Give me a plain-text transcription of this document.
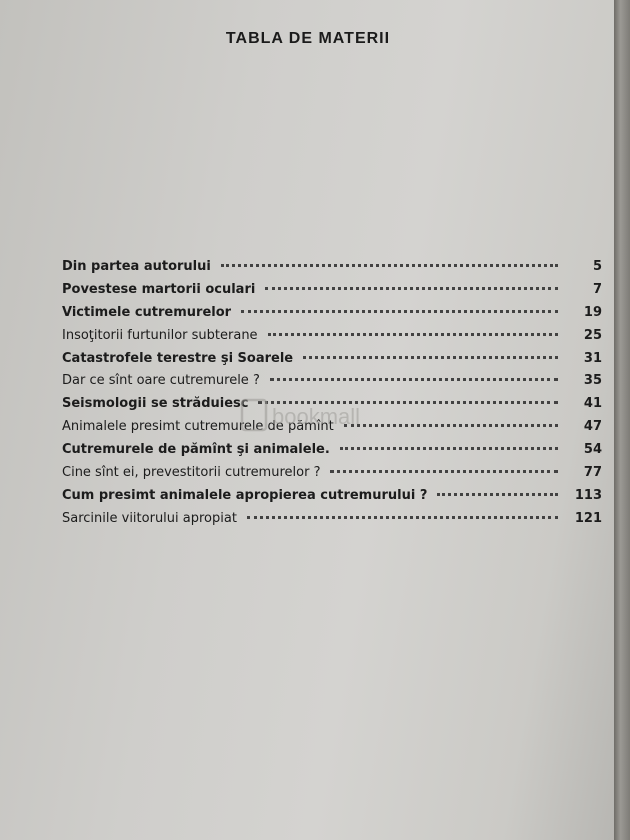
TABLA DE MATERII
Din partea autorului	5
Povestese martorii oculari	7
Victimele cutremurelor	19
Insoţitorii furtunilor subterane	25
Catastrofele terestre şi Soarele	31
Dar ce sînt oare cutremurele ?	35
Seismologii se străduiesc	41
Animalele presimt cutremurele de pămînt	47
Cutremurele de pămînt şi animalele.	54
Cine sînt ei, prevestitorii cutremurelor ?	77
Cum presimt animalele apropierea cutremurului ?	113
Sarcinile viitorului apropiat	121
bookmall
